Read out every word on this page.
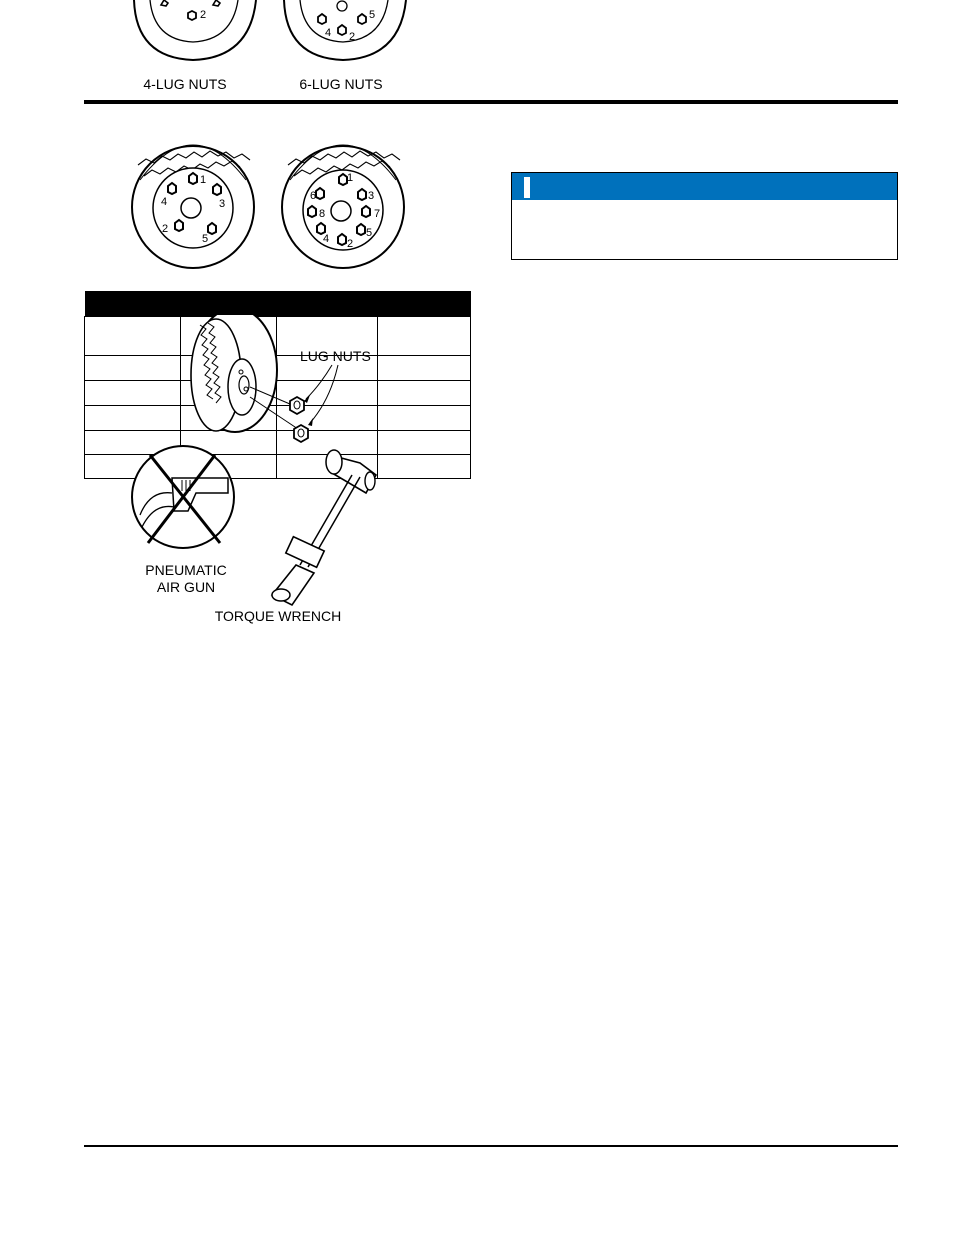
2
4 2
5
4-LUG NUTS	6-LUG NUTS
1
2
3
4
5
1
2
3
4	5
6
7
8

LUG NUTS
PNEUMATIC
AIR GUN
TORQUE WRENCH
